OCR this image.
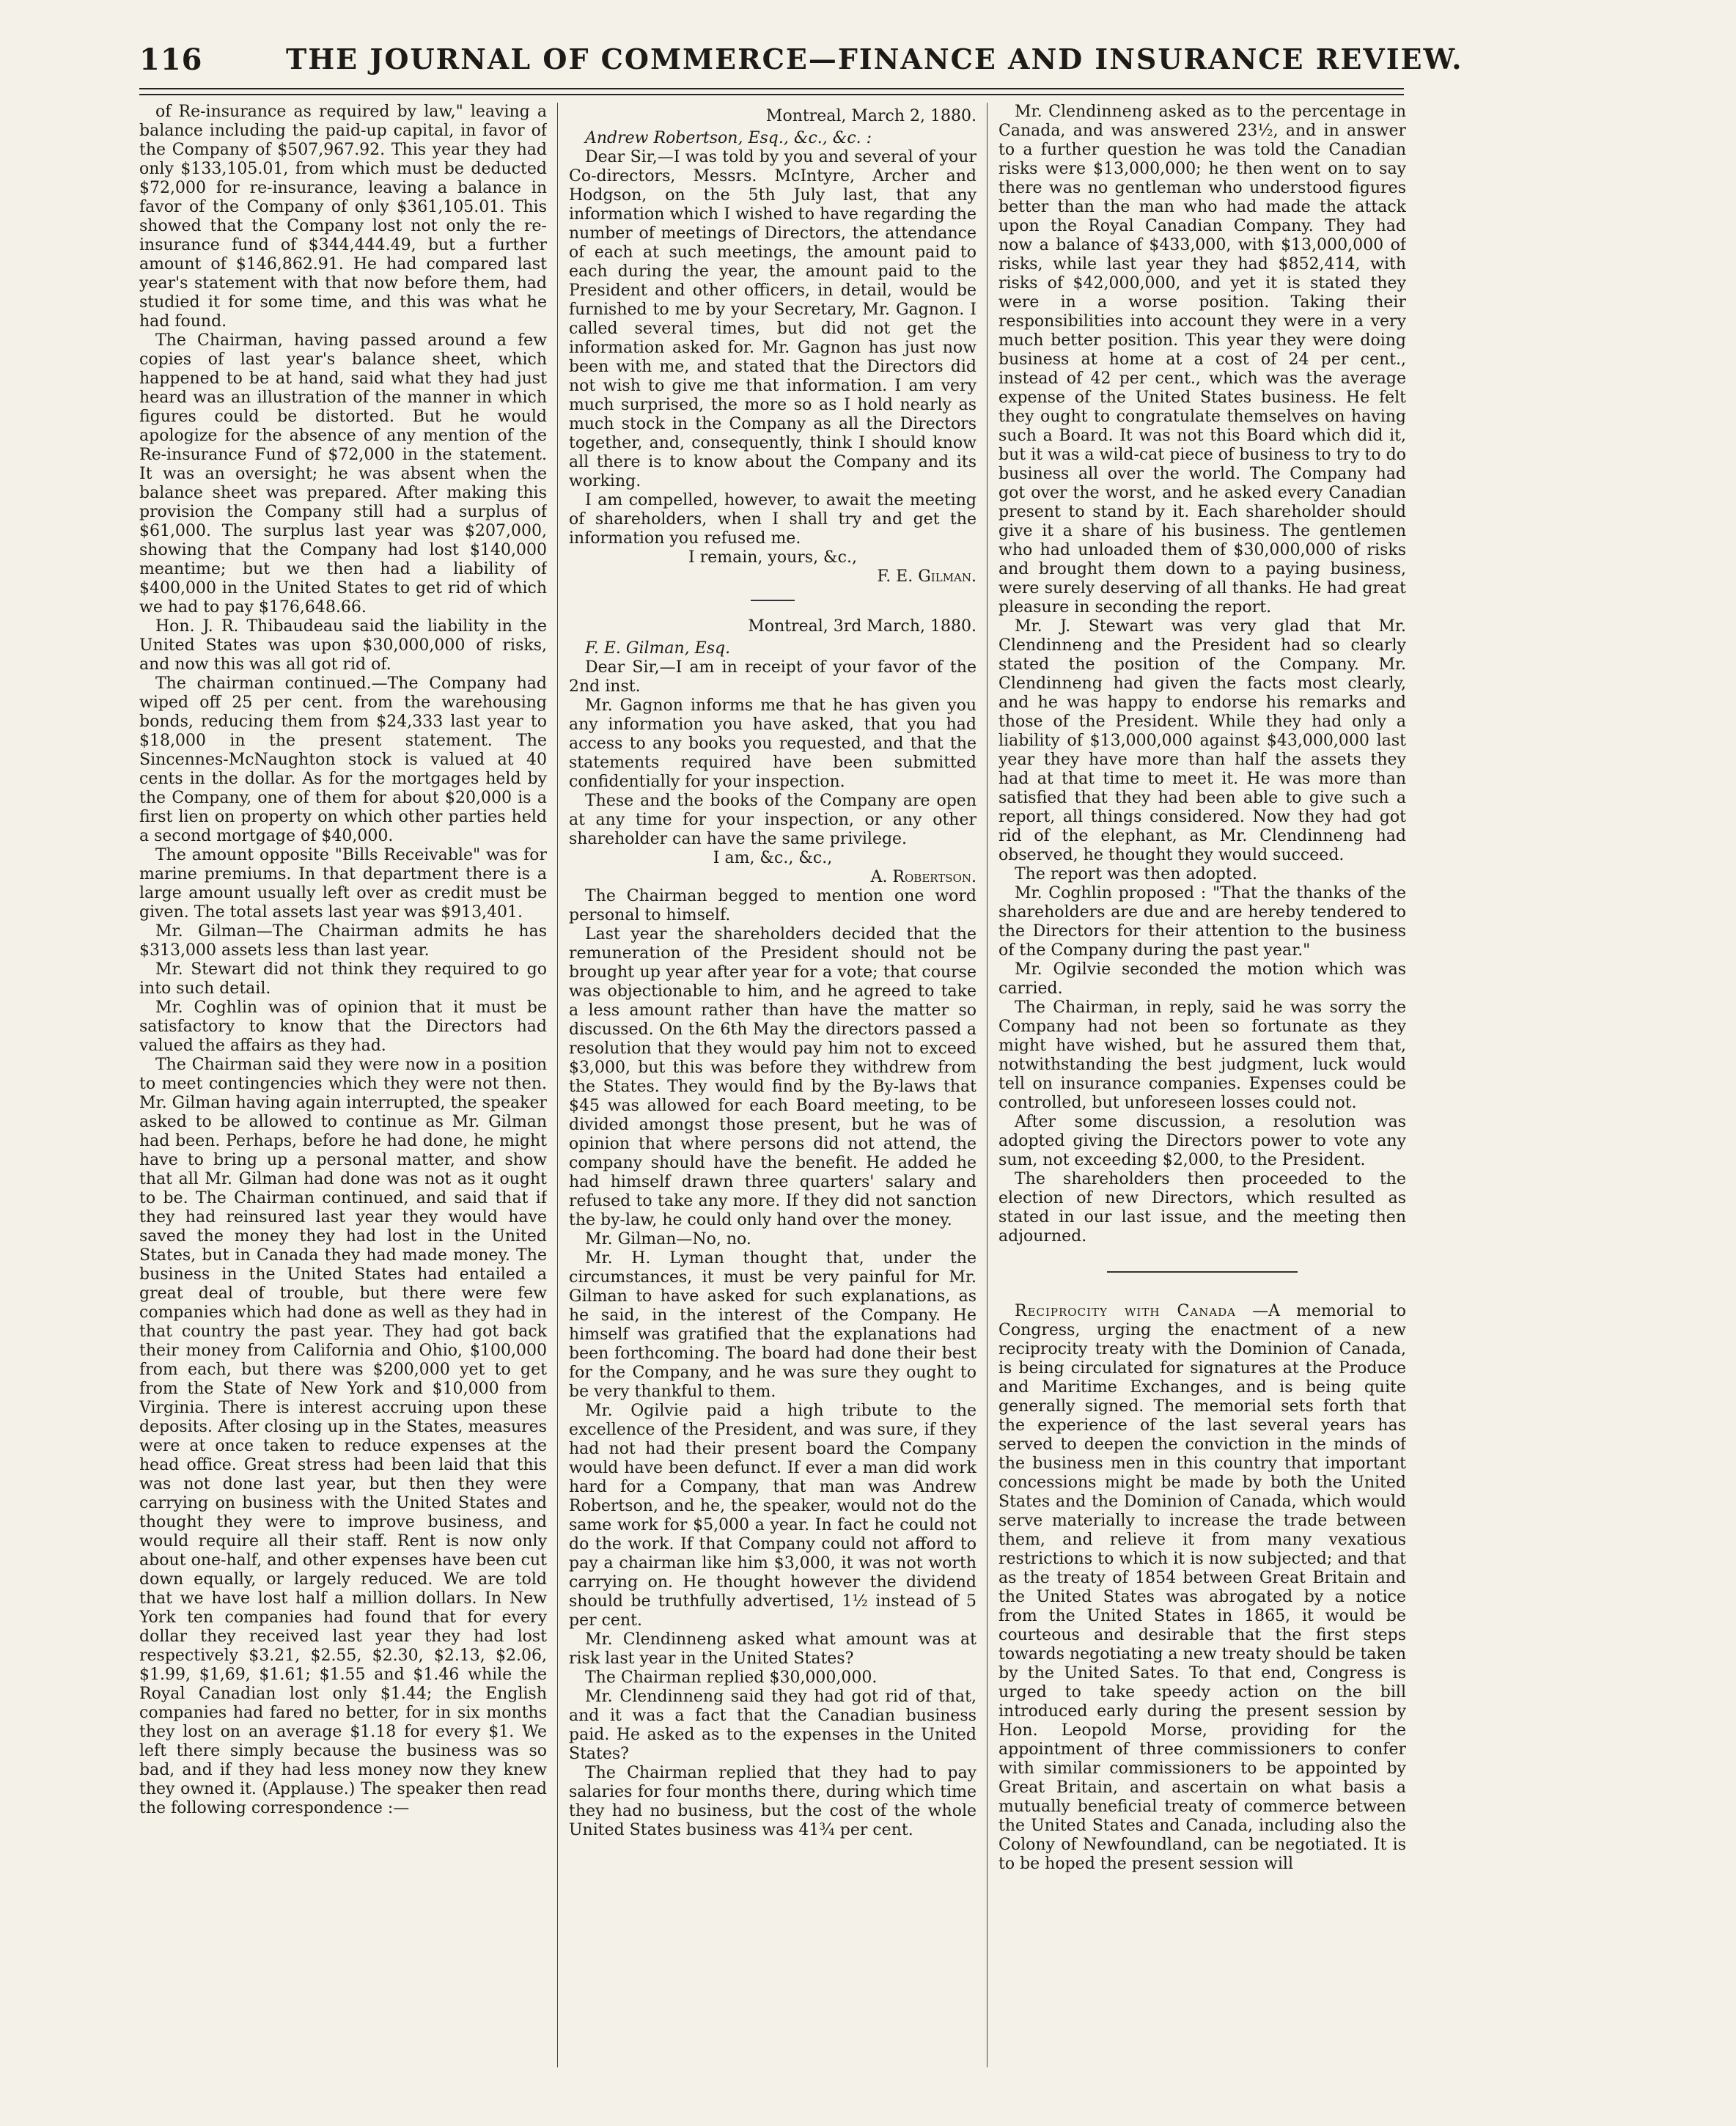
116	THE JOURNAL OF COMMERCE—FINANCE AND INSURANCE REVIEW.

of Re-insurance as required by law," leaving a balance including the paid-up capital, in favor of the Company of $507,967.92. This year they had only $133,105.01, from which must be deducted $72,000 for re-insurance, leaving a balance in favor of the Company of only $361,105.01. This showed that the Company lost not only the re-insurance fund of $344,444.49, but a further amount of $146,862.91. He had compared last year's statement with that now before them, had studied it for some time, and this was what he had found.

The Chairman, having passed around a few copies of last year's balance sheet, which happened to be at hand, said what they had just heard was an illustration of the manner in which figures could be distorted. But he would apologize for the absence of any mention of the Re-insurance Fund of $72,000 in the statement. It was an oversight; he was absent when the balance sheet was prepared. After making this provision the Company still had a surplus of $61,000. The surplus last year was $207,000, showing that the Company had lost $140,000 meantime; but we then had a liability of $400,000 in the United States to get rid of which we had to pay $176,648.66.

Hon. J. R. Thibaudeau said the liability in the United States was upon $30,000,000 of risks, and now this was all got rid of.

The chairman continued.—The Company had wiped off 25 per cent. from the warehousing bonds, reducing them from $24,333 last year to $18,000 in the present statement. The Sincennes-McNaughton stock is valued at 40 cents in the dollar. As for the mortgages held by the Company, one of them for about $20,000 is a first lien on property on which other parties held a second mortgage of $40,000.

The amount opposite "Bills Receivable" was for marine premiums. In that department there is a large amount usually left over as credit must be given. The total assets last year was $913,401.

Mr. Gilman—The Chairman admits he has $313,000 assets less than last year.

Mr. Stewart did not think they required to go into such detail.

Mr. Coghlin was of opinion that it must be satisfactory to know that the Directors had valued the affairs as they had.

The Chairman said they were now in a position to meet contingencies which they were not then. Mr. Gilman having again interrupted, the speaker asked to be allowed to continue as Mr. Gilman had been. Perhaps, before he had done, he might have to bring up a personal matter, and show that all Mr. Gilman had done was not as it ought to be. The Chairman continued, and said that if they had reinsured last year they would have saved the money they had lost in the United States, but in Canada they had made money. The business in the United States had entailed a great deal of trouble, but there were few companies which had done as well as they had in that country the past year. They had got back their money from California and Ohio, $100,000 from each, but there was $200,000 yet to get from the State of New York and $10,000 from Virginia. There is interest accruing upon these deposits. After closing up in the States, measures were at once taken to reduce expenses at the head office. Great stress had been laid that this was not done last year, but then they were carrying on business with the United States and thought they were to improve business, and would require all their staff. Rent is now only about one-half, and other expenses have been cut down equally, or largely reduced. We are told that we have lost half a million dollars. In New York ten companies had found that for every dollar they received last year they had lost respectively $3.21, $2.55, $2.30, $2.13, $2.06, $1.99, $1,69, $1.61; $1.55 and $1.46 while the Royal Canadian lost only $1.44; the English companies had fared no better, for in six months they lost on an average $1.18 for every $1. We left there simply because the business was so bad, and if they had less money now they knew they owned it. (Applause.) The speaker then read the following correspondence :—

Montreal, March 2, 1880.

Andrew Robertson, Esq., &c., &c. :

Dear Sir,—I was told by you and several of your Co-directors, Messrs. McIntyre, Archer and Hodgson, on the 5th July last, that any information which I wished to have regarding the number of meetings of Directors, the attendance of each at such meetings, the amount paid to each during the year, the amount paid to the President and other officers, in detail, would be furnished to me by your Secretary, Mr. Gagnon. I called several times, but did not get the information asked for. Mr. Gagnon has just now been with me, and stated that the Directors did not wish to give me that information. I am very much surprised, the more so as I hold nearly as much stock in the Company as all the Directors together, and, consequently, think I should know all there is to know about the Company and its working.

I am compelled, however, to await the meeting of shareholders, when I shall try and get the information you refused me.

I remain, yours, &c.,
F. E. Gilman.
Montreal, 3rd March, 1880.

F. E. Gilman, Esq.

Dear Sir,—I am in receipt of your favor of the 2nd inst.

Mr. Gagnon informs me that he has given you any information you have asked, that you had access to any books you requested, and that the statements required have been submitted confidentially for your inspection.

These and the books of the Company are open at any time for your inspection, or any other shareholder can have the same privilege.

I am, &c., &c.,
A. Robertson.

The Chairman begged to mention one word personal to himself.

Last year the shareholders decided that the remuneration of the President should not be brought up year after year for a vote; that course was objectionable to him, and he agreed to take a less amount rather than have the matter so discussed. On the 6th May the directors passed a resolution that they would pay him not to exceed $3,000, but this was before they withdrew from the States. They would find by the By-laws that $45 was allowed for each Board meeting, to be divided amongst those present, but he was of opinion that where persons did not attend, the company should have the benefit. He added he had himself drawn three quarters' salary and refused to take any more. If they did not sanction the by-law, he could only hand over the money.

Mr. Gilman—No, no.

Mr. H. Lyman thought that, under the circumstances, it must be very painful for Mr. Gilman to have asked for such explanations, as he said, in the interest of the Company. He himself was gratified that the explanations had been forthcoming. The board had done their best for the Company, and he was sure they ought to be very thankful to them.

Mr. Ogilvie paid a high tribute to the excellence of the President, and was sure, if they had not had their present board the Company would have been defunct. If ever a man did work hard for a Company, that man was Andrew Robertson, and he, the speaker, would not do the same work for $5,000 a year. In fact he could not do the work. If that Company could not afford to pay a chairman like him $3,000, it was not worth carrying on. He thought however the dividend should be truthfully advertised, 1½ instead of 5 per cent.

Mr. Clendinneng asked what amount was at risk last year in the United States?

The Chairman replied $30,000,000.

Mr. Clendinneng said they had got rid of that, and it was a fact that the Canadian business paid. He asked as to the expenses in the United States?

The Chairman replied that they had to pay salaries for four months there, during which time they had no business, but the cost of the whole United States business was 41¾ per cent.

Mr. Clendinneng asked as to the percentage in Canada, and was answered 23½, and in answer to a further question he was told the Canadian risks were $13,000,000; he then went on to say there was no gentleman who understood figures better than the man who had made the attack upon the Royal Canadian Company. They had now a balance of $433,000, with $13,000,000 of risks, while last year they had $852,414, with risks of $42,000,000, and yet it is stated they were in a worse position. Taking their responsibilities into account they were in a very much better position. This year they were doing business at home at a cost of 24 per cent., instead of 42 per cent., which was the average expense of the United States business. He felt they ought to congratulate themselves on having such a Board. It was not this Board which did it, but it was a wild-cat piece of business to try to do business all over the world. The Company had got over the worst, and he asked every Canadian present to stand by it. Each shareholder should give it a share of his business. The gentlemen who had unloaded them of $30,000,000 of risks and brought them down to a paying business, were surely deserving of all thanks. He had great pleasure in seconding the report.

Mr. J. Stewart was very glad that Mr. Clendinneng and the President had so clearly stated the position of the Company. Mr. Clendinneng had given the facts most clearly, and he was happy to endorse his remarks and those of the President. While they had only a liability of $13,000,000 against $43,000,000 last year they have more than half the assets they had at that time to meet it. He was more than satisfied that they had been able to give such a report, all things considered. Now they had got rid of the elephant, as Mr. Clendinneng had observed, he thought they would succeed.

The report was then adopted.

Mr. Coghlin proposed : "That the thanks of the shareholders are due and are hereby tendered to the Directors for their attention to the business of the Company during the past year."

Mr. Ogilvie seconded the motion which was carried.

The Chairman, in reply, said he was sorry the Company had not been so fortunate as they might have wished, but he assured them that, notwithstanding the best judgment, luck would tell on insurance companies. Expenses could be controlled, but unforeseen losses could not.

After some discussion, a resolution was adopted giving the Directors power to vote any sum, not exceeding $2,000, to the President.

The shareholders then proceeded to the election of new Directors, which resulted as stated in our last issue, and the meeting then adjourned.

Reciprocity with Canada —A memorial to Congress, urging the enactment of a new reciprocity treaty with the Dominion of Canada, is being circulated for signatures at the Produce and Maritime Exchanges, and is being quite generally signed. The memorial sets forth that the experience of the last several years has served to deepen the conviction in the minds of the business men in this country that important concessions might be made by both the United States and the Dominion of Canada, which would serve materially to increase the trade between them, and relieve it from many vexatious restrictions to which it is now subjected; and that as the treaty of 1854 between Great Britain and the United States was abrogated by a notice from the United States in 1865, it would be courteous and desirable that the first steps towards negotiating a new treaty should be taken by the United Sates. To that end, Congress is urged to take speedy action on the bill introduced early during the present session by Hon. Leopold Morse, providing for the appointment of three commissioners to confer with similar commissioners to be appointed by Great Britain, and ascertain on what basis a mutually beneficial treaty of commerce between the United States and Canada, including also the Colony of Newfoundland, can be negotiated. It is to be hoped the present session will
